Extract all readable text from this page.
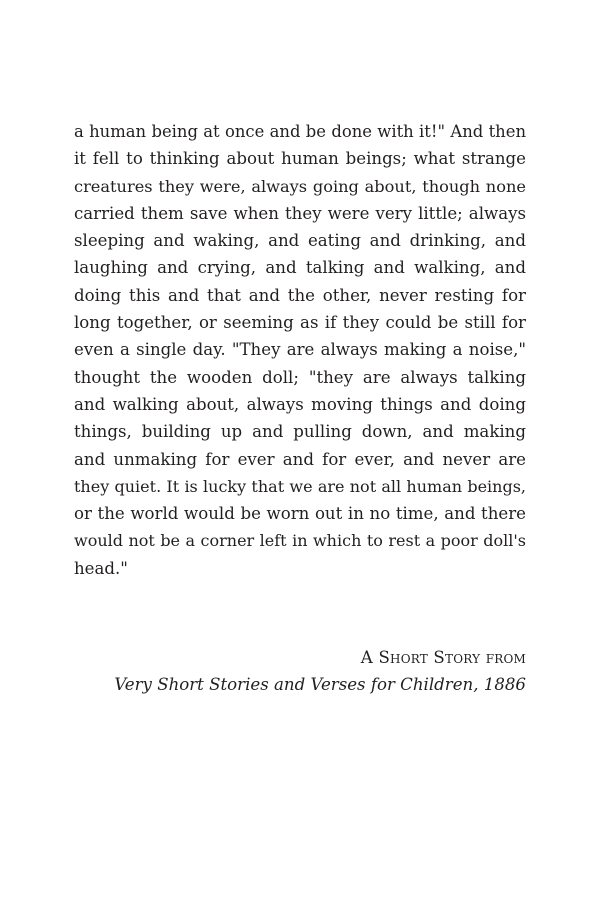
a human being at once and be done with it!" And then
it fell to thinking about human beings; what strange
creatures they were, always going about, though none
carried them save when they were very little; always
sleeping and waking, and eating and drinking, and
laughing and crying, and talking and walking, and
doing this and that and the other, never resting for
long together, or seeming as if they could be still for
even a single day. "They are always making a noise,"
thought the wooden doll; "they are always talking
and walking about, always moving things and doing
things, building up and pulling down, and making
and unmaking for ever and for ever, and never are
they quiet. It is lucky that we are not all human beings,
or the world would be worn out in no time, and there
would not be a corner left in which to rest a poor doll's
head."
A Short Story from
Very Short Stories and Verses for Children, 1886
